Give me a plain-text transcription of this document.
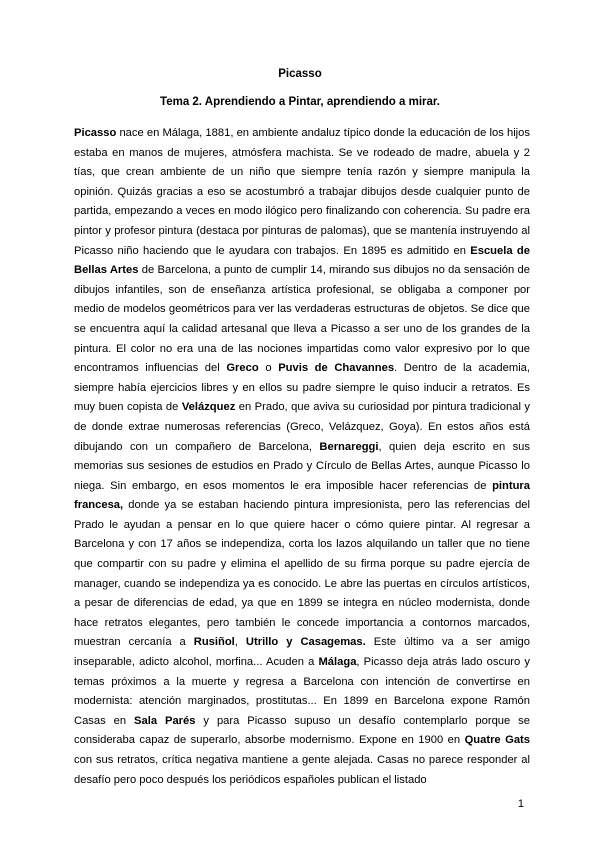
Picasso
Tema 2. Aprendiendo a Pintar, aprendiendo a mirar.

Picasso nace en Málaga, 1881, en ambiente andaluz típico donde la educación de los hijos estaba en manos de mujeres, atmósfera machista. Se ve rodeado de madre, abuela y 2 tías, que crean ambiente de un niño que siempre tenía razón y siempre manipula la opinión. Quizás gracias a eso se acostumbró a trabajar dibujos desde cualquier punto de partida, empezando a veces en modo ilógico pero finalizando con coherencia. Su padre era pintor y profesor pintura (destaca por pinturas de palomas), que se mantenía instruyendo al Picasso niño haciendo que le ayudara con trabajos. En 1895 es admitido en Escuela de Bellas Artes de Barcelona, a punto de cumplir 14, mirando sus dibujos no da sensación de dibujos infantiles, son de enseñanza artística profesional, se obligaba a componer por medio de modelos geométricos para ver las verdaderas estructuras de objetos. Se dice que se encuentra aquí la calidad artesanal que lleva a Picasso a ser uno de los grandes de la pintura. El color no era una de las nociones impartidas como valor expresivo por lo que encontramos influencias del Greco o Puvis de Chavannes. Dentro de la academia, siempre había ejercicios libres y en ellos su padre siempre le quiso inducir a retratos. Es muy buen copista de Velázquez en Prado, que aviva su curiosidad por pintura tradicional y de donde extrae numerosas referencias (Greco, Velázquez, Goya). En estos años está dibujando con un compañero de Barcelona, Bernareggi, quien deja escrito en sus memorias sus sesiones de estudios en Prado y Círculo de Bellas Artes, aunque Picasso lo niega. Sin embargo, en esos momentos le era imposible hacer referencias de pintura francesa, donde ya se estaban haciendo pintura impresionista, pero las referencias del Prado le ayudan a pensar en lo que quiere hacer o cómo quiere pintar. Al regresar a Barcelona y con 17 años se independiza, corta los lazos alquilando un taller que no tiene que compartir con su padre y elimina el apellido de su firma porque su padre ejercía de manager, cuando se independiza ya es conocido. Le abre las puertas en círculos artísticos, a pesar de diferencias de edad, ya que en 1899 se integra en núcleo modernista, donde hace retratos elegantes, pero también le concede importancia a contornos marcados, muestran cercanía a Rusiñol, Utrillo y Casagemas. Este último va a ser amigo inseparable, adicto alcohol, morfina... Acuden a Málaga, Picasso deja atrás lado oscuro y temas próximos a la muerte y regresa a Barcelona con intención de convertirse en modernista: atención marginados, prostitutas... En 1899 en Barcelona expone Ramón Casas en Sala Parés y para Picasso supuso un desafío contemplarlo porque se consideraba capaz de superarlo, absorbe modernismo. Expone en 1900 en Quatre Gats con sus retratos, crítica negativa mantiene a gente alejada. Casas no parece responder al desafío pero poco después los periódicos españoles publican el listado

1
